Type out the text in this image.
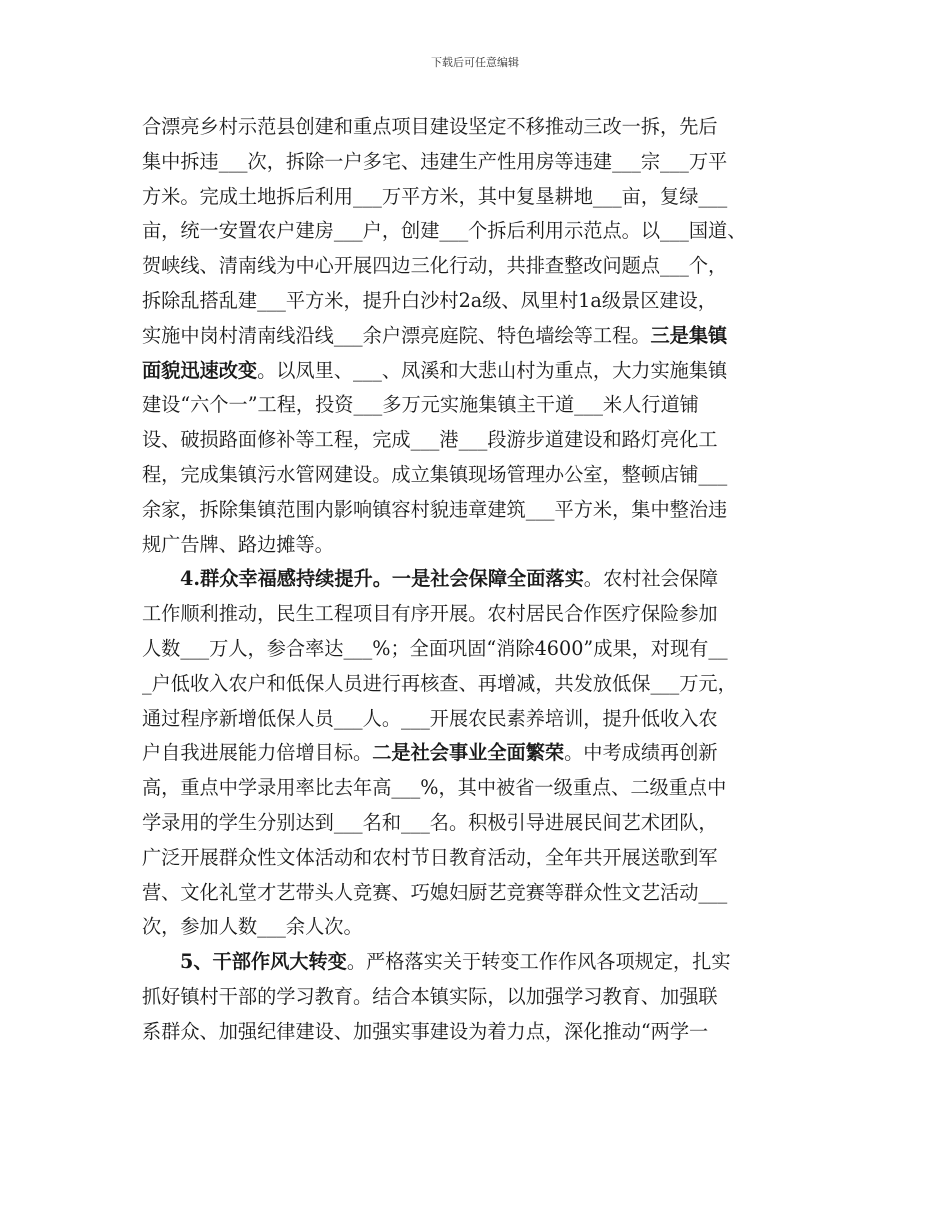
下载后可任意编辑
合漂亮乡村示范县创建和重点项目建设坚定不移推动三改一拆，先后
集中拆违___次，拆除一户多宅、违建生产性用房等违建___宗___万平
方米。完成土地拆后利用___万平方米，其中复垦耕地___亩，复绿___
亩，统一安置农户建房___户，创建___个拆后利用示范点。以___国道、
贺峡线、清南线为中心开展四边三化行动，共排查整改问题点___个，
拆除乱搭乱建___平方米，提升白沙村2a级、凤里村1a级景区建设，
实施中岗村清南线沿线___余户漂亮庭院、特色墙绘等工程。三是集镇
面貌迅速改变。以凤里、___、凤溪和大悲山村为重点，大力实施集镇
建设“六个一”工程，投资___多万元实施集镇主干道___米人行道铺
设、破损路面修补等工程，完成___港___段游步道建设和路灯亮化工
程，完成集镇污水管网建设。成立集镇现场管理办公室，整顿店铺___
余家，拆除集镇范围内影响镇容村貌违章建筑___平方米，集中整治违
规广告牌、路边摊等。
4.群众幸福感持续提升。一是社会保障全面落实。农村社会保障
工作顺利推动，民生工程项目有序开展。农村居民合作医疗保险参加
人数___万人，参合率达___%；全面巩固“消除4600”成果，对现有__
_户低收入农户和低保人员进行再核查、再增减，共发放低保___万元，
通过程序新增低保人员___人。___开展农民素养培训，提升低收入农
户自我进展能力倍增目标。二是社会事业全面繁荣。中考成绩再创新
高，重点中学录用率比去年高___%，其中被省一级重点、二级重点中
学录用的学生分别达到___名和___名。积极引导进展民间艺术团队，
广泛开展群众性文体活动和农村节日教育活动，全年共开展送歌到军
营、文化礼堂才艺带头人竞赛、巧媳妇厨艺竞赛等群众性文艺活动___
次，参加人数___余人次。
5、干部作风大转变。严格落实关于转变工作作风各项规定，扎实
抓好镇村干部的学习教育。结合本镇实际，以加强学习教育、加强联
系群众、加强纪律建设、加强实事建设为着力点，深化推动“两学一
